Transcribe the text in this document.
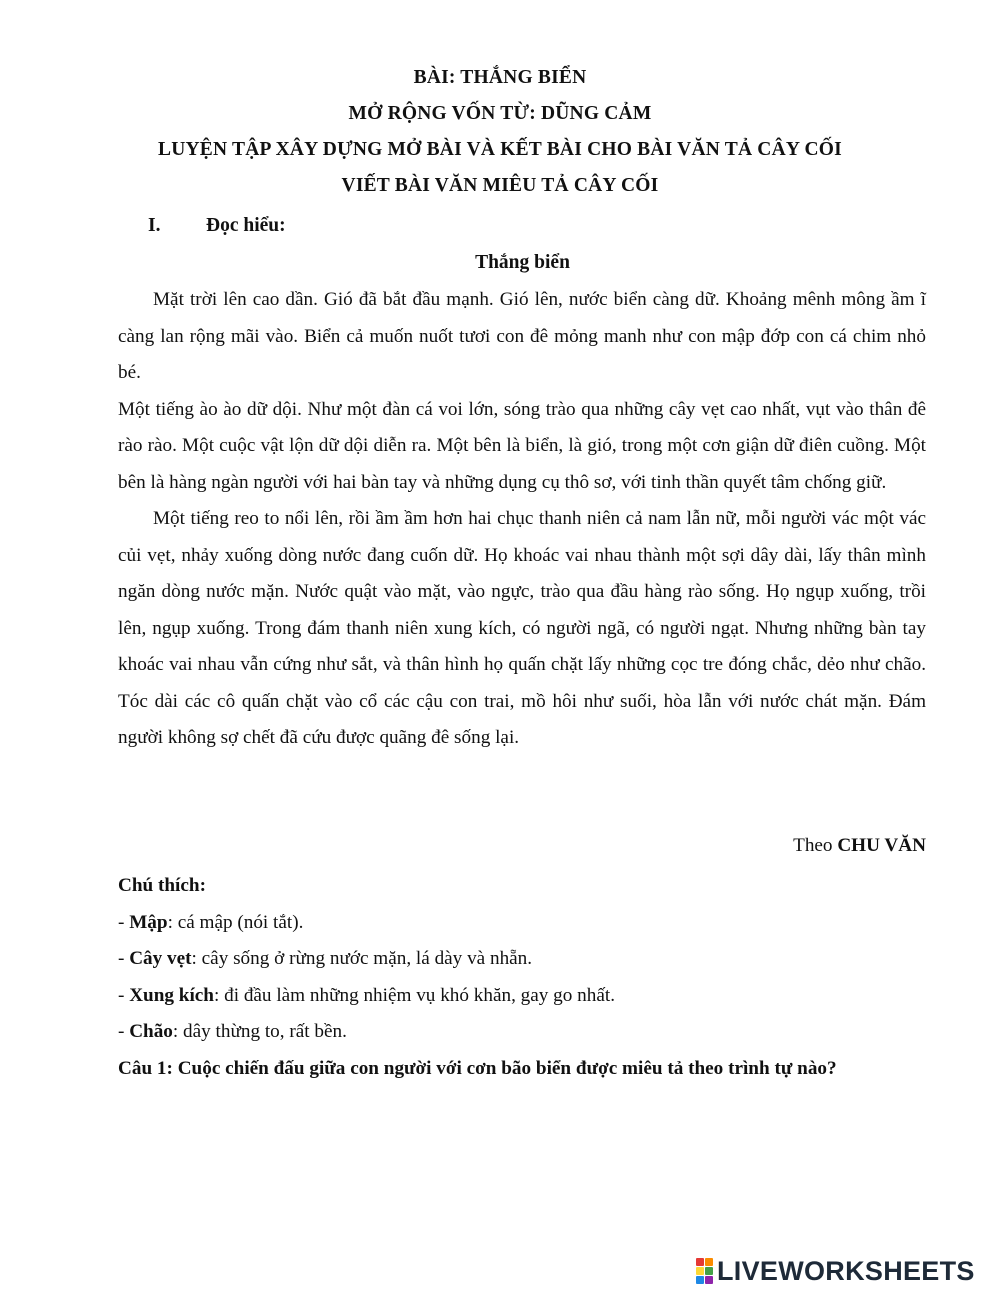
BÀI: THẮNG BIỂN
MỞ RỘNG VỐN TỪ: DŨNG CẢM
LUYỆN TẬP XÂY DỰNG MỞ BÀI VÀ KẾT BÀI CHO BÀI VĂN TẢ CÂY CỐI
VIẾT BÀI VĂN MIÊU TẢ CÂY CỐI
I. Đọc hiểu:
Thắng biển

Mặt trời lên cao dần. Gió đã bắt đầu mạnh. Gió lên, nước biển càng dữ. Khoảng mênh mông ầm ĩ càng lan rộng mãi vào. Biển cả muốn nuốt tươi con đê mỏng manh như con mập đớp con cá chim nhỏ bé.

Một tiếng ào ào dữ dội. Như một đàn cá voi lớn, sóng trào qua những cây vẹt cao nhất, vụt vào thân đê rào rào. Một cuộc vật lộn dữ dội diễn ra. Một bên là biển, là gió, trong một cơn giận dữ điên cuồng. Một bên là hàng ngàn người với hai bàn tay và những dụng cụ thô sơ, với tinh thần quyết tâm chống giữ.

Một tiếng reo to nổi lên, rồi ầm ầm hơn hai chục thanh niên cả nam lẫn nữ, mỗi người vác một vác củi vẹt, nhảy xuống dòng nước đang cuốn dữ. Họ khoác vai nhau thành một sợi dây dài, lấy thân mình ngăn dòng nước mặn. Nước quật vào mặt, vào ngực, trào qua đầu hàng rào sống. Họ ngụp xuống, trồi lên, ngụp xuống. Trong đám thanh niên xung kích, có người ngã, có người ngạt. Nhưng những bàn tay khoác vai nhau vẫn cứng như sắt, và thân hình họ quấn chặt lấy những cọc tre đóng chắc, dẻo như chão. Tóc dài các cô quấn chặt vào cổ các cậu con trai, mồ hôi như suối, hòa lẫn với nước chát mặn. Đám người không sợ chết đã cứu được quãng đê sống lại.

Theo CHU VĂN
Chú thích:
- Mập: cá mập (nói tắt).
- Cây vẹt: cây sống ở rừng nước mặn, lá dày và nhẵn.
- Xung kích: đi đầu làm những nhiệm vụ khó khăn, gay go nhất.
- Chão: dây thừng to, rất bền.
Câu 1: Cuộc chiến đấu giữa con người với cơn bão biển được miêu tả theo trình tự nào?
LIVEWORKSHEETS
